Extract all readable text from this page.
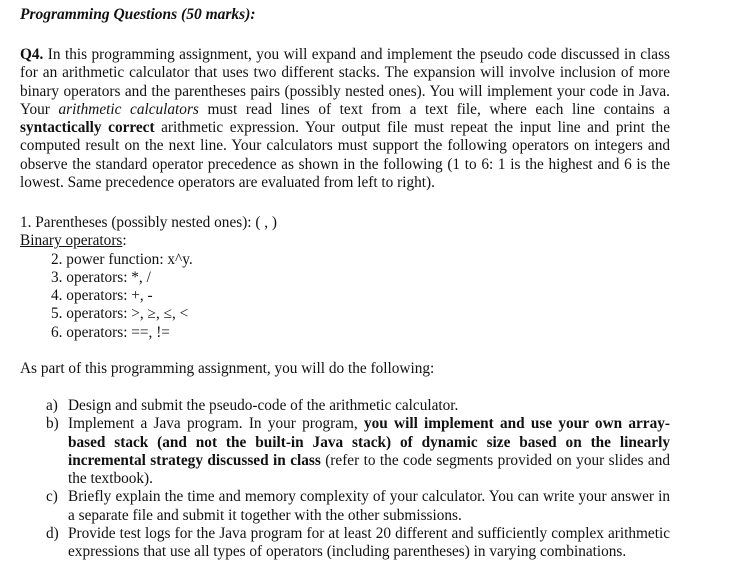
Programming Questions (50 marks):

Q4. In this programming assignment, you will expand and implement the pseudo code discussed in class for an arithmetic calculator that uses two different stacks. The expansion will involve inclusion of more binary operators and the parentheses pairs (possibly nested ones). You will implement your code in Java. Your arithmetic calculators must read lines of text from a text file, where each line contains a syntactically correct arithmetic expression. Your output file must repeat the input line and print the computed result on the next line. Your calculators must support the following operators on integers and observe the standard operator precedence as shown in the following (1 to 6: 1 is the highest and 6 is the lowest. Same precedence operators are evaluated from left to right).

1. Parentheses (possibly nested ones): ( , )
Binary operators:
2. power function: x^y.
3. operators: *, /
4. operators: +, -
5. operators: >, ≥, ≤, <
6. operators: ==, !=

As part of this programming assignment, you will do the following:

a) Design and submit the pseudo-code of the arithmetic calculator.
b) Implement a Java program. In your program, you will implement and use your own array-based stack (and not the built-in Java stack) of dynamic size based on the linearly incremental strategy discussed in class (refer to the code segments provided on your slides and the textbook).
c) Briefly explain the time and memory complexity of your calculator. You can write your answer in a separate file and submit it together with the other submissions.
d) Provide test logs for the Java program for at least 20 different and sufficiently complex arithmetic expressions that use all types of operators (including parentheses) in varying combinations.
